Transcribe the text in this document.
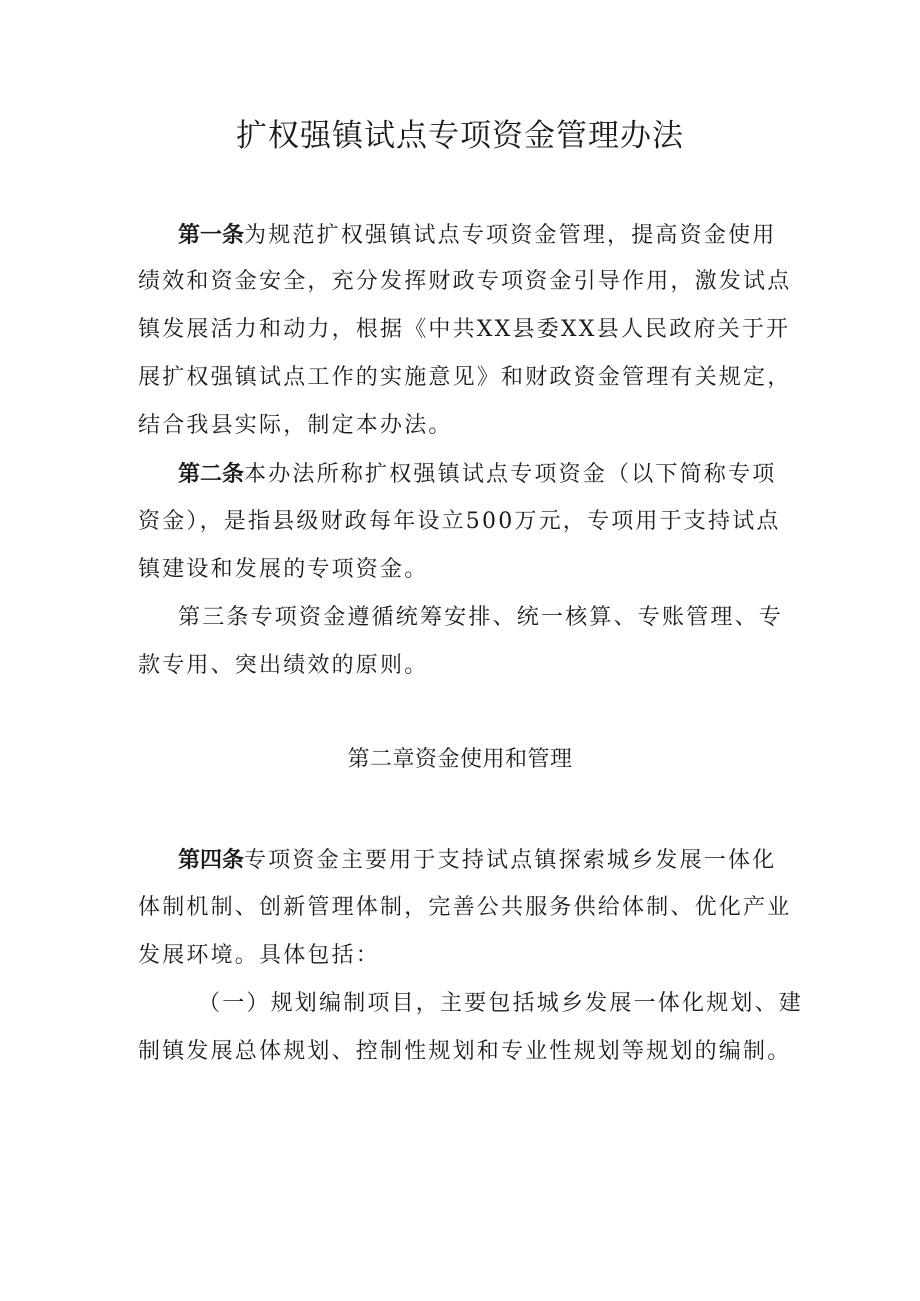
扩权强镇试点专项资金管理办法
第一条为规范扩权强镇试点专项资金管理，提高资金使用
绩效和资金安全，充分发挥财政专项资金引导作用，激发试点
镇发展活力和动力，根据《中共XX县委XX县人民政府关于开
展扩权强镇试点工作的实施意见》和财政资金管理有关规定，
结合我县实际，制定本办法。
第二条本办法所称扩权强镇试点专项资金（以下简称专项
资金），是指县级财政每年设立500万元，专项用于支持试点
镇建设和发展的专项资金。
第三条专项资金遵循统筹安排、统一核算、专账管理、专
款专用、突出绩效的原则。
第二章资金使用和管理
第四条专项资金主要用于支持试点镇探索城乡发展一体化
体制机制、创新管理体制，完善公共服务供给体制、优化产业
发展环境。具体包括：
（一）规划编制项目，主要包括城乡发展一体化规划、建
制镇发展总体规划、控制性规划和专业性规划等规划的编制。
